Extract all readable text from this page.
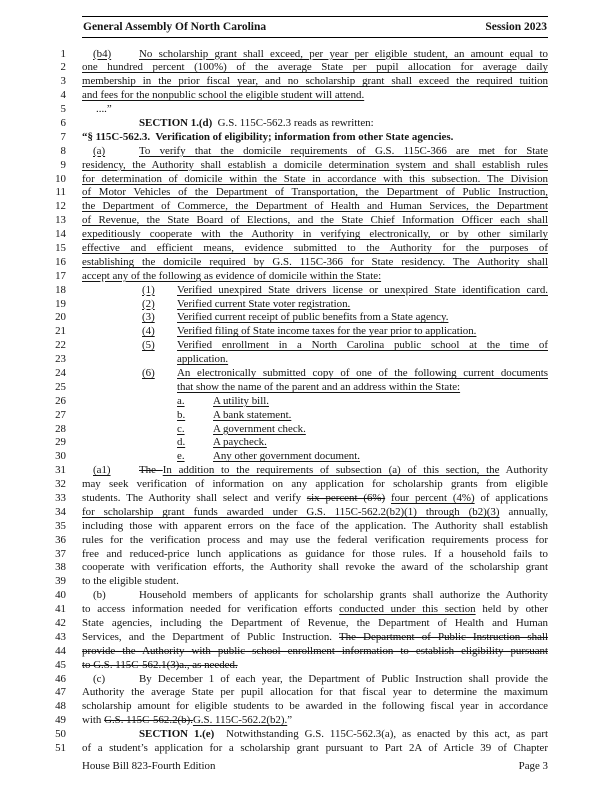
General Assembly Of North Carolina	Session 2023
1 (b4)	No scholarship grant shall exceed, per year per eligible student, an amount equal to
2 one hundred percent (100%) of the average State per pupil allocation for average daily
3 membership in the prior fiscal year, and no scholarship grant shall exceed the required tuition
4 and fees for the nonpublic school the eligible student will attend.
5	....”
6	SECTION 1.(d)  G.S. 115C-562.3 reads as rewritten:
7 “§ 115C-562.3.  Verification of eligibility; information from other State agencies.
8 (a)	To verify that the domicile requirements of G.S. 115C-366 are met for State
9 residency, the Authority shall establish a domicile determination system and shall establish rules
10 for determination of domicile within the State in accordance with this subsection. The Division
11 of Motor Vehicles of the Department of Transportation, the Department of Public Instruction,
12 the Department of Commerce, the Department of Health and Human Services, the Department
13 of Revenue, the State Board of Elections, and the State Chief Information Officer each shall
14 expeditiously cooperate with the Authority in verifying electronically, or by other similarly
15 effective and efficient means, evidence submitted to the Authority for the purposes of
16 establishing the domicile required by G.S. 115C-366 for State residency. The Authority shall
17 accept any of the following as evidence of domicile within the State:
18	(1) Verified unexpired State drivers license or unexpired State identification card.
19	(2) Verified current State voter registration.
20	(3) Verified current receipt of public benefits from a State agency.
21	(4) Verified filing of State income taxes for the year prior to application.
22	(5) Verified enrollment in a North Carolina public school at the time of
23	application.
24	(6) An electronically submitted copy of one of the following current documents
25	that show the name of the parent and an address within the State:
26	a.	A utility bill.
27	b.	A bank statement.
28	c.	A government check.
29	d.	A paycheck.
30	e.	Any other government document.
31 (a1)	The In addition to the requirements of subsection (a) of this section, the Authority
32 may seek verification of information on any application for scholarship grants from eligible
33 students. The Authority shall select and verify six percent (6%) four percent (4%) of applications
34 for scholarship grant funds awarded under G.S. 115C-562.2(b2)(1) through (b2)(3) annually,
35 including those with apparent errors on the face of the application. The Authority shall establish
36 rules for the verification process and may use the federal verification requirements process for
37 free and reduced-price lunch applications as guidance for those rules. If a household fails to
38 cooperate with verification efforts, the Authority shall revoke the award of the scholarship grant
39 to the eligible student.
40 (b)	Household members of applicants for scholarship grants shall authorize the Authority
41 to access information needed for verification efforts conducted under this section held by other
42 State agencies, including the Department of Revenue, the Department of Health and Human
43 Services, and the Department of Public Instruction. The Department of Public Instruction shall
44 provide the Authority with public school enrollment information to establish eligibility pursuant
45 to G.S. 115C-562.1(3)a., as needed.
46 (c)	By December 1 of each year, the Department of Public Instruction shall provide the
47 Authority the average State per pupil allocation for that fiscal year to determine the maximum
48 scholarship amount for eligible students to be awarded in the following fiscal year in accordance
49 with G.S. 115C-562.2(b).G.S. 115C-562.2(b2).”
50	SECTION 1.(e)  Notwithstanding G.S. 115C-562.3(a), as enacted by this act, as part
51 of a student’s application for a scholarship grant pursuant to Part 2A of Article 39 of Chapter
House Bill 823-Fourth Edition	Page 3
